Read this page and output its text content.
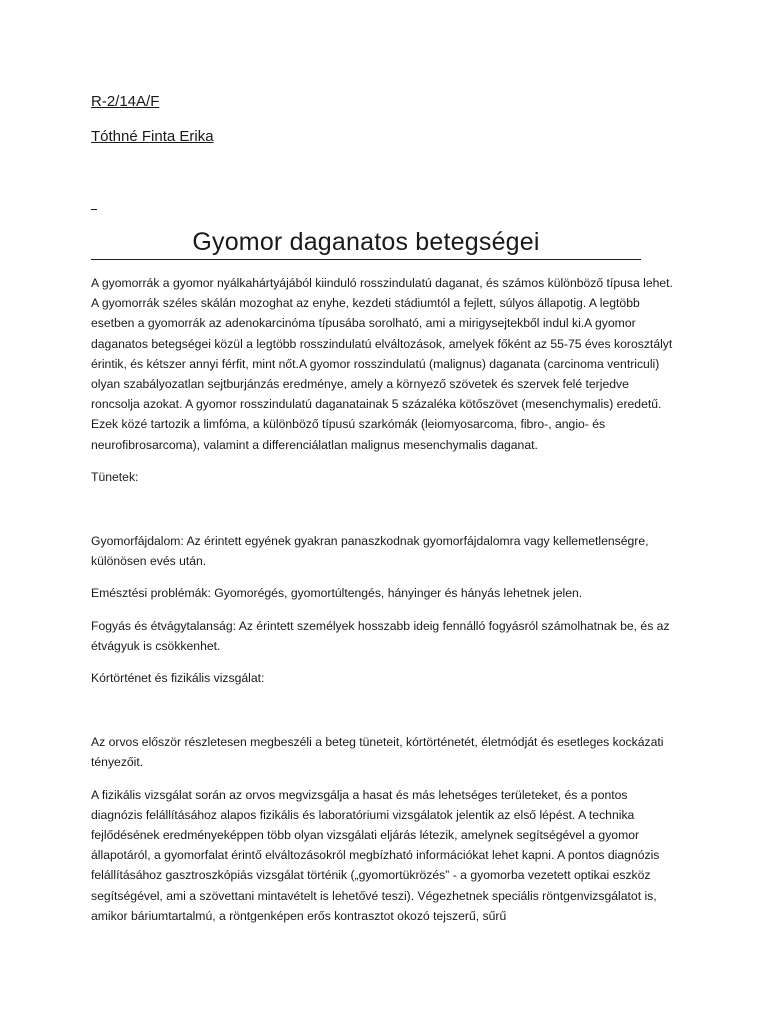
R-2/14A/F

Tóthné Finta Erika

Gyomor daganatos betegségei

A gyomorrák a gyomor nyálkahártyájából kiinduló rosszindulatú daganat, és számos különböző típusa lehet. A gyomorrák széles skálán mozoghat az enyhe, kezdeti stádiumtól a fejlett, súlyos állapotig. A legtöbb esetben a gyomorrák az adenokarcinóma típusába sorolható, ami a mirigysejtekből indul ki.A gyomor daganatos betegségei közül a legtöbb rosszindulatú elváltozások, amelyek főként az 55-75 éves korosztályt érintik, és kétszer annyi férfit, mint nőt.A gyomor rosszindulatú (malignus) daganata (carcinoma ventriculi) olyan szabályozatlan sejtburjánzás eredménye, amely a környező szövetek és szervek felé terjedve roncsolja azokat. A gyomor rosszindulatú daganatainak 5 százaléka kötőszövet (mesenchymalis) eredetű. Ezek közé tartozik a limfóma, a különböző típusú szarkómák (leiomyosarcoma, fibro-, angio- és neurofibrosarcoma), valamint a differenciálatlan malignus mesenchymalis daganat.

Tünetek:

Gyomorfájdalom: Az érintett egyének gyakran panaszkodnak gyomorfájdalomra vagy kellemetlenségre, különösen evés után.

Emésztési problémák: Gyomorégés, gyomortúltengés, hányinger és hányás lehetnek jelen.

Fogyás és étvágytalanság: Az érintett személyek hosszabb ideig fennálló fogyásról számolhatnak be, és az étvágyuk is csökkenhet.

Kórtörténet és fizikális vizsgálat:

Az orvos először részletesen megbeszéli a beteg tüneteit, kórtörténetét, életmódját és esetleges kockázati tényezőit.

A fizikális vizsgálat során az orvos megvizsgálja a hasat és más lehetséges területeket, és a pontos diagnózis felállításához alapos fizikális és laboratóriumi vizsgálatok jelentik az első lépést. A technika fejlődésének eredményeképpen több olyan vizsgálati eljárás létezik, amelynek segítségével a gyomor állapotáról, a gyomorfalat érintő elváltozásokról megbízható információkat lehet kapni. A pontos diagnózis felállításához gasztroszkópiás vizsgálat történik („gyomortükrözés” - a gyomorba vezetett optikai eszköz segítségével, ami a szövettani mintavételt is lehetővé teszi). Végezhetnek speciális röntgenvizsgálatot is, amikor báriumtartalmú, a röntgenképen erős kontrasztot okozó tejszerű, sűrű
